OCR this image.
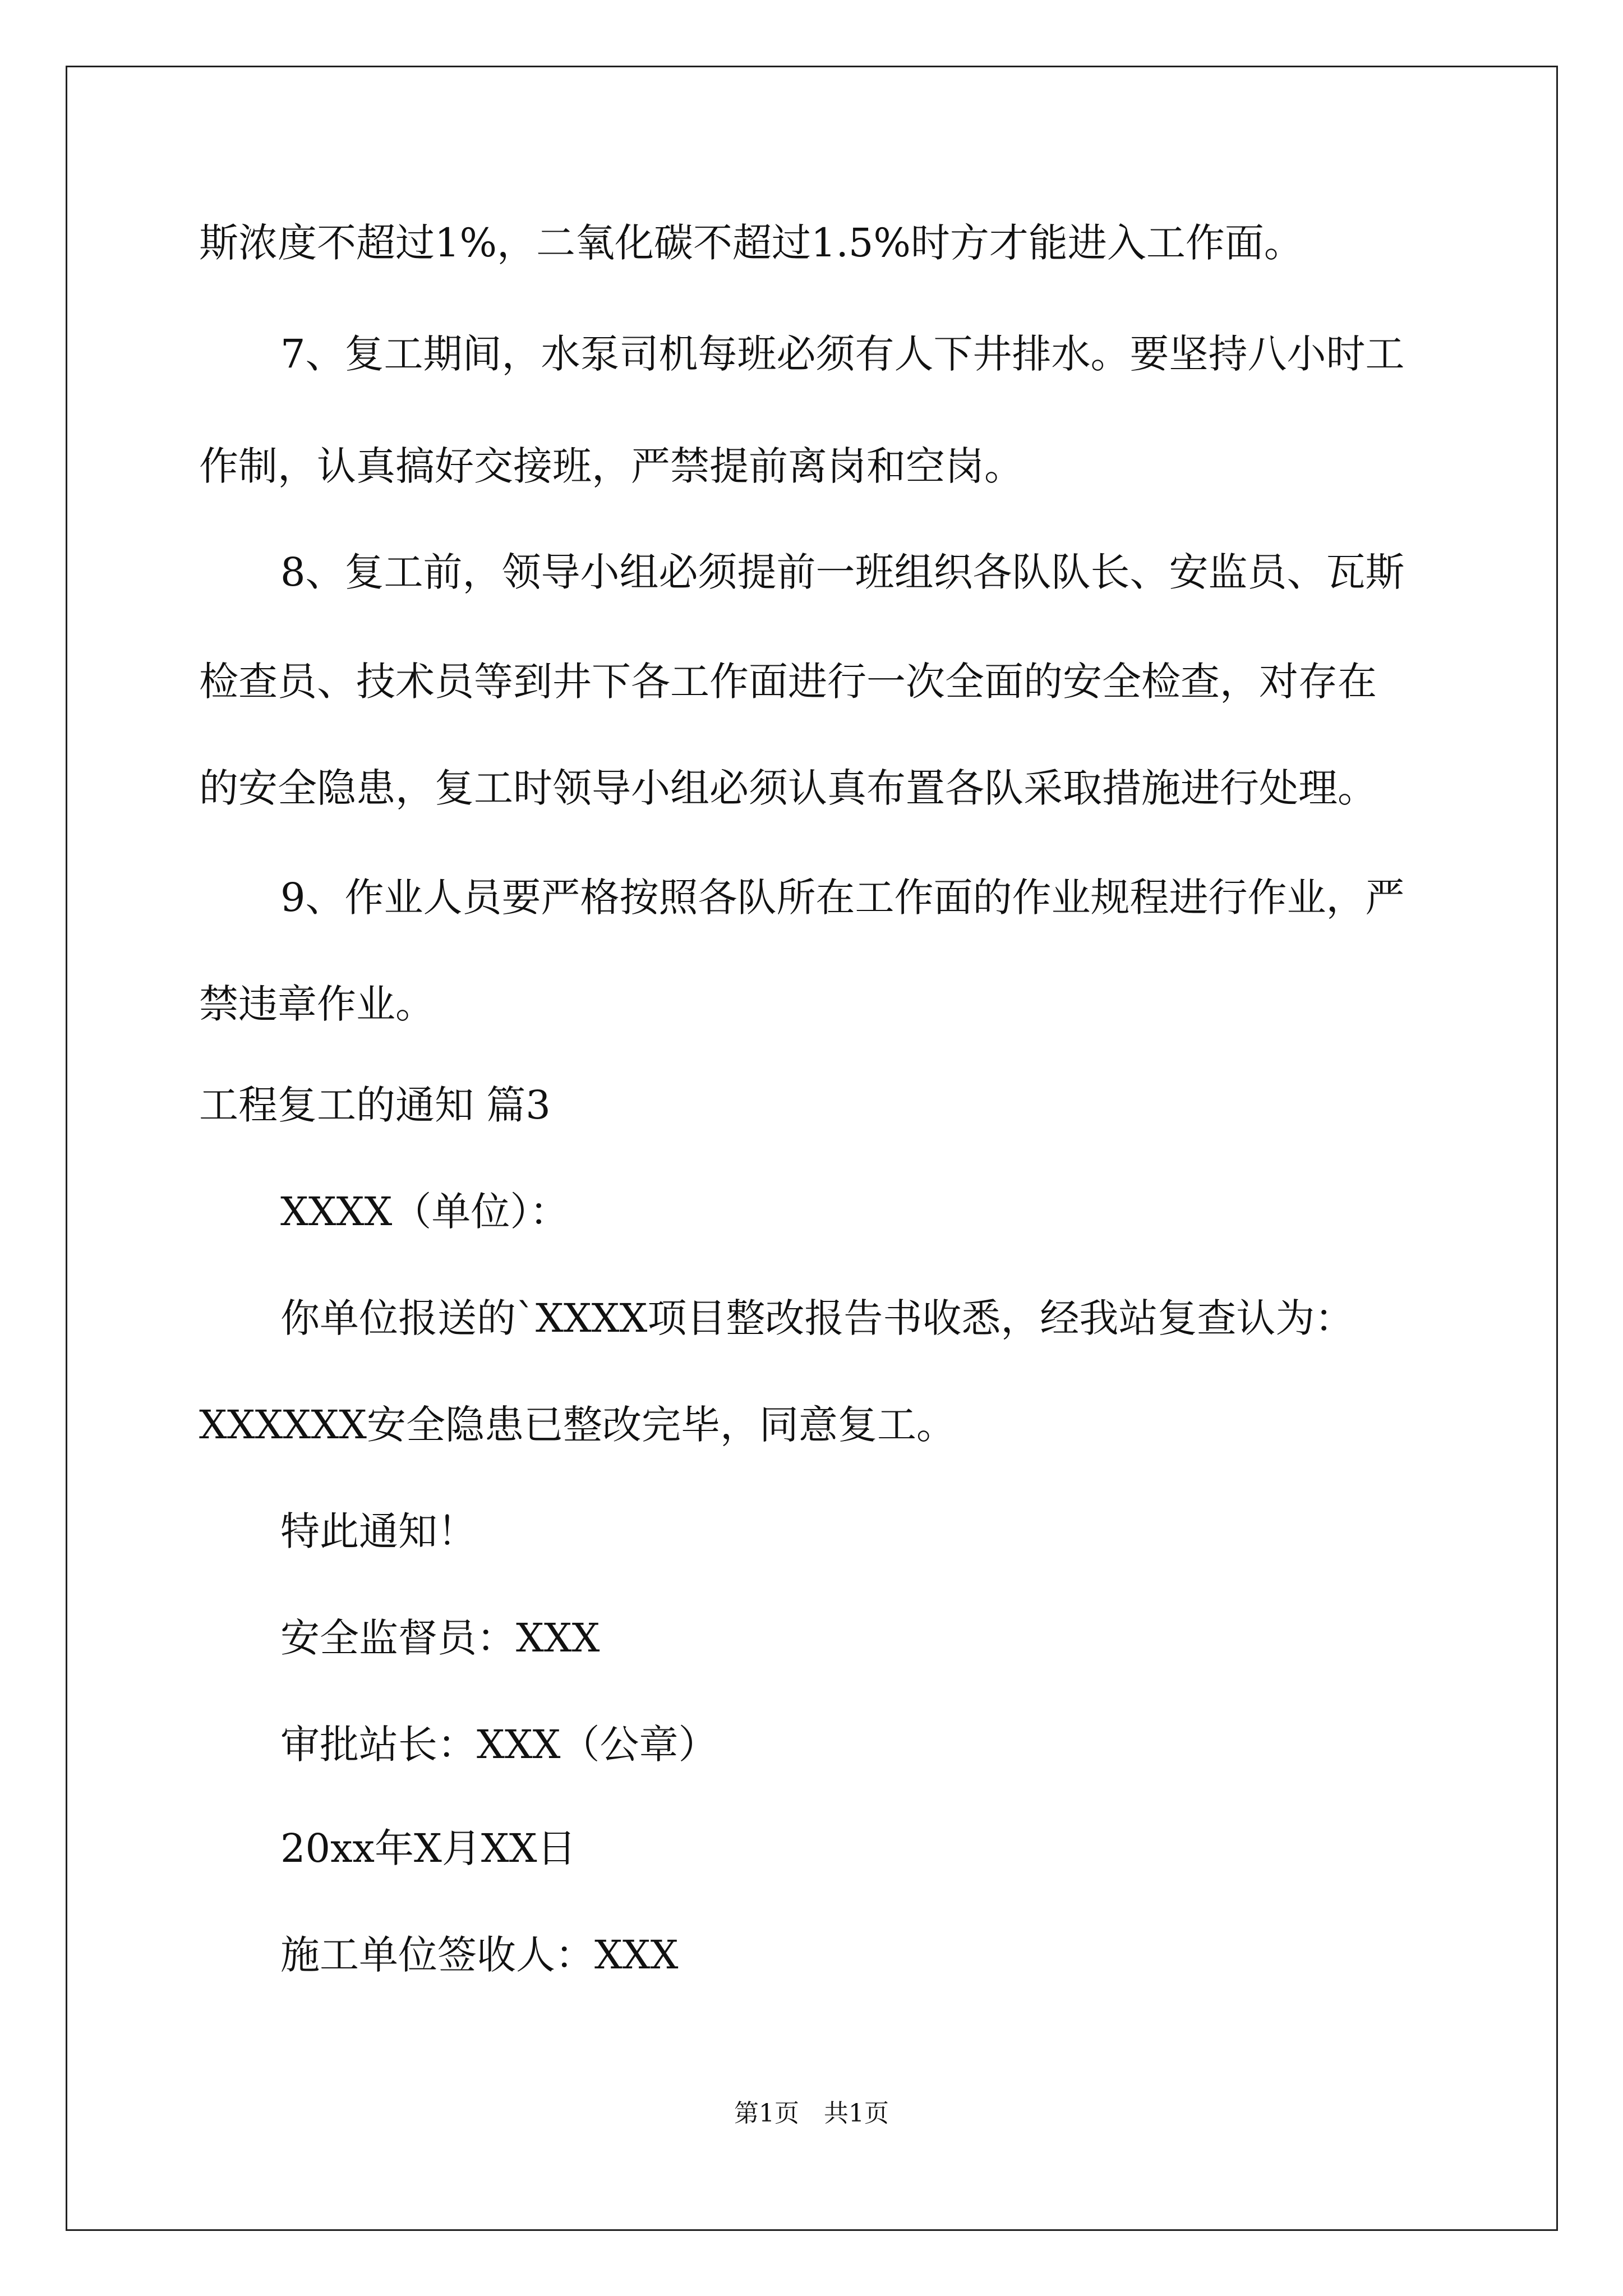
斯浓度不超过1%，二氧化碳不超过1.5%时方才能进入工作面。
7、复工期间，水泵司机每班必须有人下井排水。要坚持八小时工
作制，认真搞好交接班，严禁提前离岗和空岗。
8、复工前，领导小组必须提前一班组织各队队长、安监员、瓦斯
检查员、技术员等到井下各工作面进行一次全面的安全检查，对存在
的安全隐患，复工时领导小组必须认真布置各队采取措施进行处理。
9、作业人员要严格按照各队所在工作面的作业规程进行作业，严
禁违章作业。
工程复工的通知 篇3
XXXX（单位）：
你单位报送的`XXXX项目整改报告书收悉，经我站复查认为：
XXXXXX安全隐患已整改完毕，同意复工。
特此通知！
安全监督员：XXX
审批站长：XXX（公章）
20xx年X月XX日
施工单位签收人：XXX
第1页 共1页
